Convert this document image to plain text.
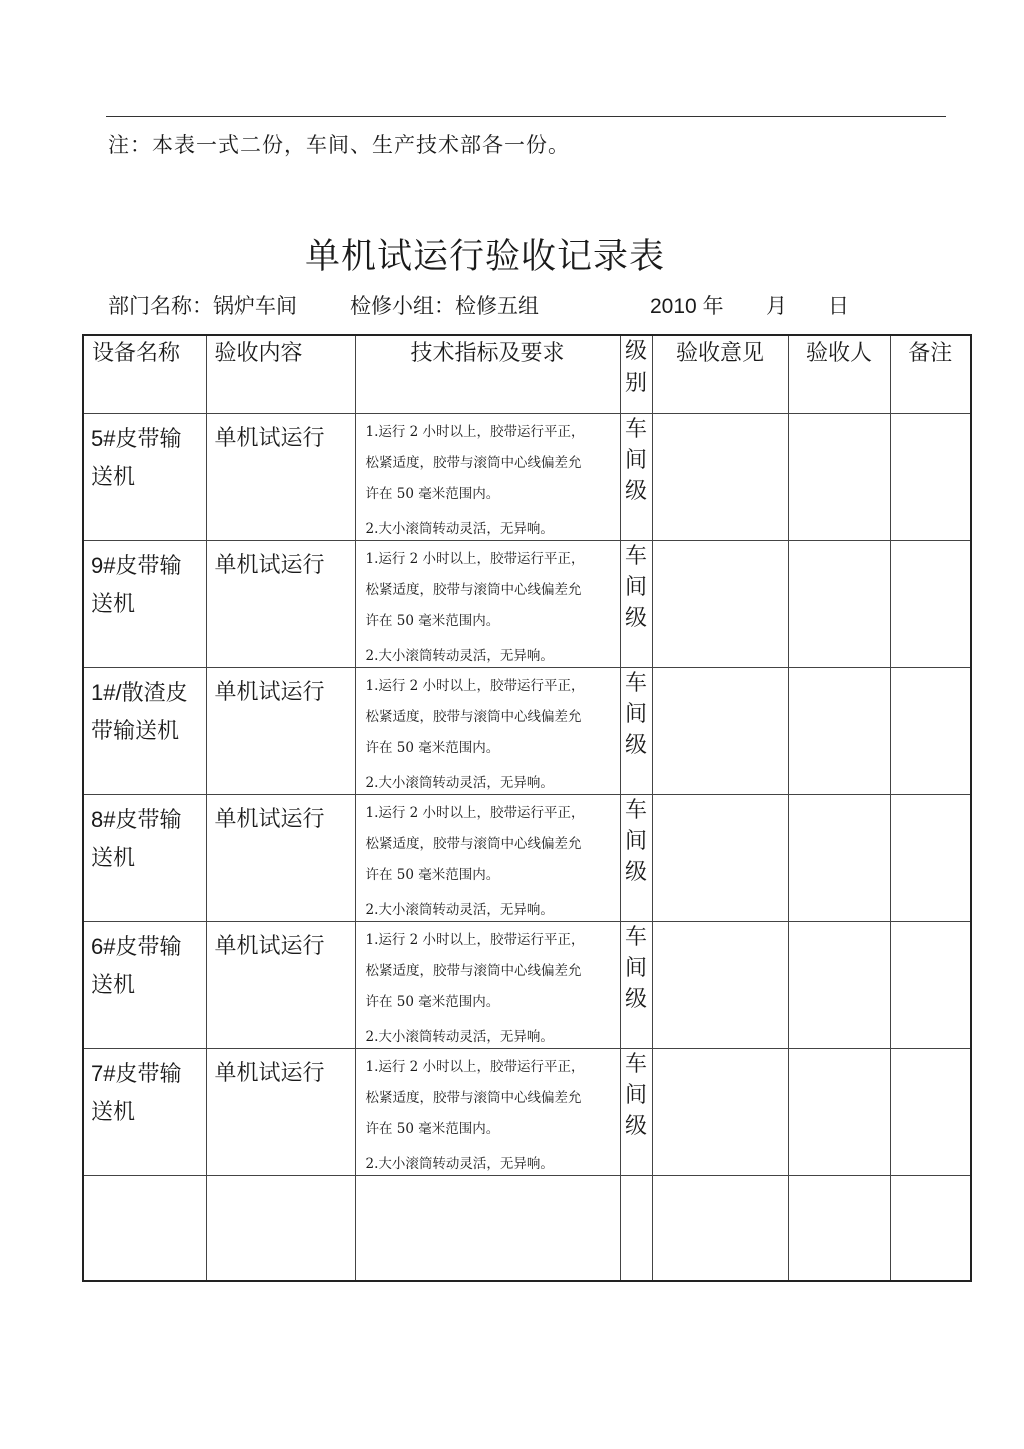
注：本表一式二份，车间、生产技术部各一份。
单机试运行验收记录表
部门名称：锅炉车间	检修小组：检修五组	2010 年 月 日
设备名称	验收内容	技术指标及要求	级别	验收意见	验收人	备注
5#皮带输送机	单机试运行	1.运行 2 小时以上，胶带运行平正，
松紧适度，胶带与滚筒中心线偏差允
许在 50 毫米范围内。
2.大小滚筒转动灵活，无异响。	车间级			
9#皮带输送机	单机试运行	1.运行 2 小时以上，胶带运行平正，
松紧适度，胶带与滚筒中心线偏差允
许在 50 毫米范围内。
2.大小滚筒转动灵活，无异响。	车间级			
1#/散渣皮带输送机	单机试运行	1.运行 2 小时以上，胶带运行平正，
松紧适度，胶带与滚筒中心线偏差允
许在 50 毫米范围内。
2.大小滚筒转动灵活，无异响。	车间级			
8#皮带输送机	单机试运行	1.运行 2 小时以上，胶带运行平正，
松紧适度，胶带与滚筒中心线偏差允
许在 50 毫米范围内。
2.大小滚筒转动灵活，无异响。	车间级			
6#皮带输送机	单机试运行	1.运行 2 小时以上，胶带运行平正，
松紧适度，胶带与滚筒中心线偏差允
许在 50 毫米范围内。
2.大小滚筒转动灵活，无异响。	车间级			
7#皮带输送机	单机试运行	1.运行 2 小时以上，胶带运行平正，
松紧适度，胶带与滚筒中心线偏差允
许在 50 毫米范围内。
2.大小滚筒转动灵活，无异响。	车间级			
